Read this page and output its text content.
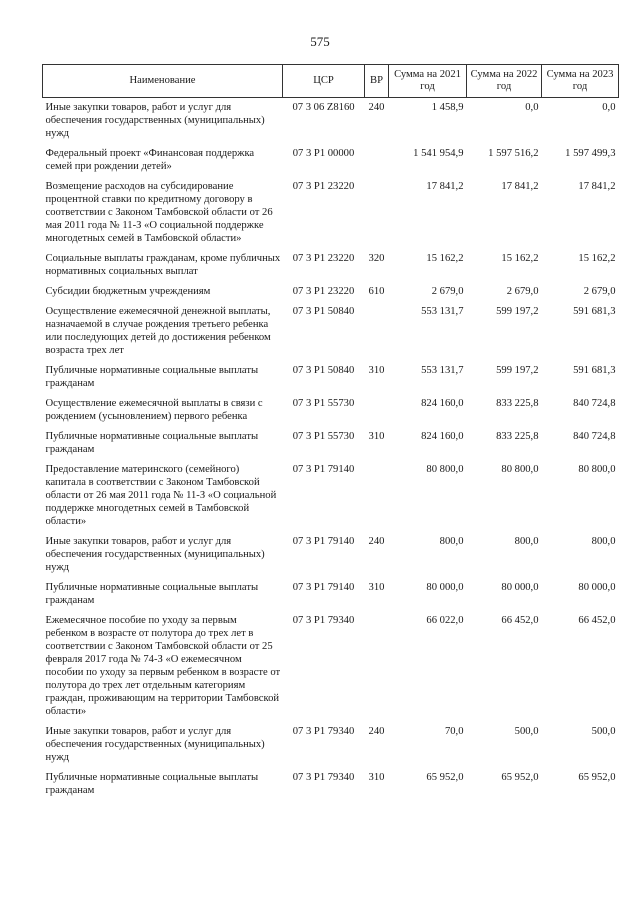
575
Наименование	ЦСР	ВР	Сумма на 2021 год	Сумма на 2022 год	Сумма на 2023 год
Иные закупки товаров, работ и услуг для обеспечения государственных (муниципальных) нужд	07 3 06 Z8160	240	1 458,9	0,0	0,0
Федеральный проект «Финансовая поддержка семей при рождении детей»	07 3 P1 00000		1 541 954,9	1 597 516,2	1 597 499,3
Возмещение расходов на субсидирование процентной ставки по кредитному договору в соответствии с Законом Тамбовской области от 26 мая 2011 года № 11-З «О социальной поддержке многодетных семей в Тамбовской области»	07 3 P1 23220		17 841,2	17 841,2	17 841,2
Социальные выплаты гражданам, кроме публичных нормативных социальных выплат	07 3 P1 23220	320	15 162,2	15 162,2	15 162,2
Субсидии бюджетным учреждениям	07 3 P1 23220	610	2 679,0	2 679,0	2 679,0
Осуществление ежемесячной денежной выплаты, назначаемой в случае рождения третьего ребенка или последующих детей до достижения ребенком возраста трех лет	07 3 P1 50840		553 131,7	599 197,2	591 681,3
Публичные нормативные социальные выплаты гражданам	07 3 P1 50840	310	553 131,7	599 197,2	591 681,3
Осуществление ежемесячной выплаты в связи с рождением (усыновлением) первого ребенка	07 3 P1 55730		824 160,0	833 225,8	840 724,8
Публичные нормативные социальные выплаты гражданам	07 3 P1 55730	310	824 160,0	833 225,8	840 724,8
Предоставление материнского (семейного) капитала в соответствии с Законом Тамбовской области от 26 мая 2011 года № 11-З «О социальной поддержке многодетных семей в Тамбовской области»	07 3 P1 79140		80 800,0	80 800,0	80 800,0
Иные закупки товаров, работ и услуг для обеспечения государственных (муниципальных) нужд	07 3 P1 79140	240	800,0	800,0	800,0
Публичные нормативные социальные выплаты гражданам	07 3 P1 79140	310	80 000,0	80 000,0	80 000,0
Ежемесячное пособие по уходу за первым ребенком в возрасте от полутора до трех лет в соответствии с Законом Тамбовской области от 25 февраля 2017 года № 74-З «О ежемесячном пособии по уходу за первым ребенком в возрасте от полутора до трех лет отдельным категориям граждан, проживающим на территории Тамбовской области»	07 3 P1 79340		66 022,0	66 452,0	66 452,0
Иные закупки товаров, работ и услуг для обеспечения государственных (муниципальных) нужд	07 3 P1 79340	240	70,0	500,0	500,0
Публичные нормативные социальные выплаты гражданам	07 3 P1 79340	310	65 952,0	65 952,0	65 952,0
